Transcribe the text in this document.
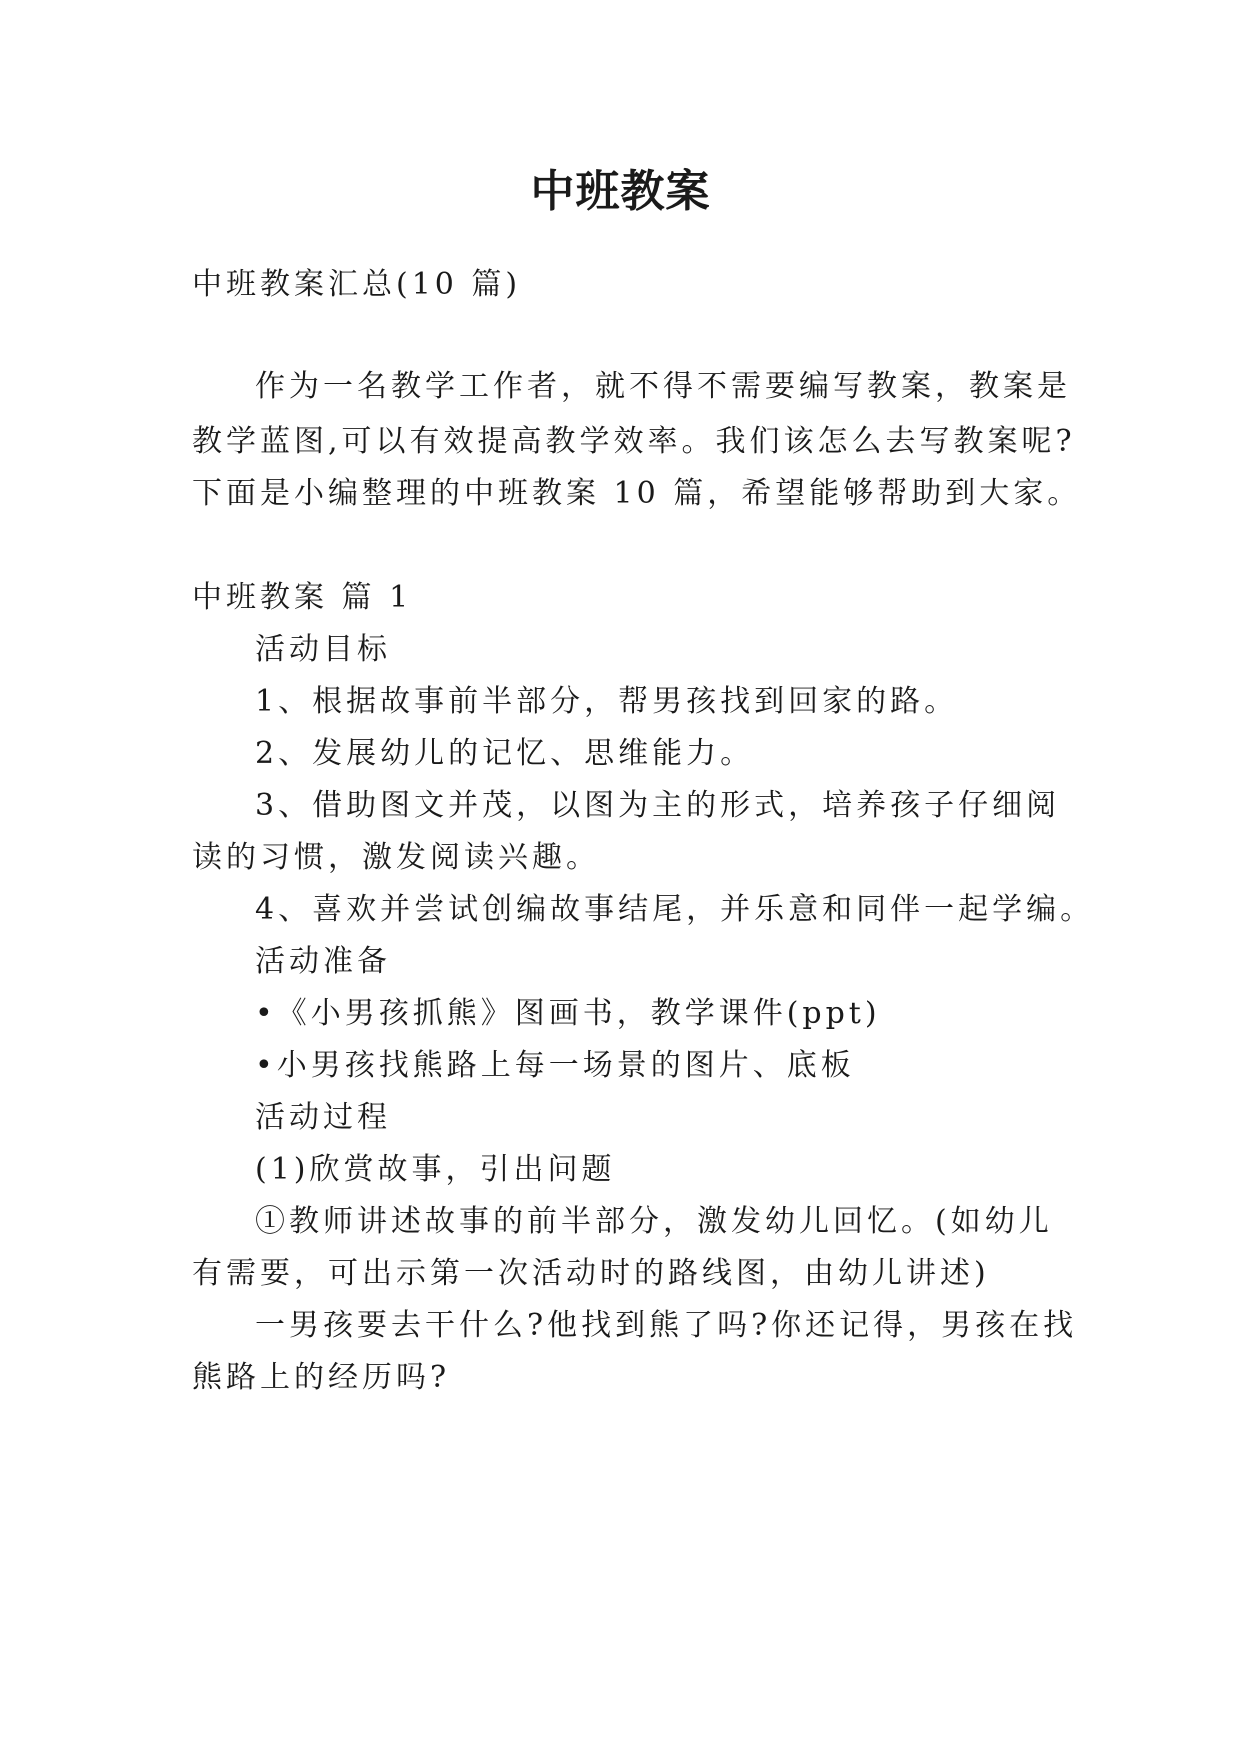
中班教案
中班教案汇总(10 篇)
作为一名教学工作者，就不得不需要编写教案，教案是
教学蓝图,可以有效提高教学效率。我们该怎么去写教案呢?
下面是小编整理的中班教案 10 篇，希望能够帮助到大家。
中班教案 篇 1
活动目标
1、根据故事前半部分，帮男孩找到回家的路。
2、发展幼儿的记忆、思维能力。
3、借助图文并茂，以图为主的形式，培养孩子仔细阅
读的习惯，激发阅读兴趣。
4、喜欢并尝试创编故事结尾，并乐意和同伴一起学编。
活动准备
•《小男孩抓熊》图画书，教学课件(ppt)
•小男孩找熊路上每一场景的图片、底板
活动过程
(1)欣赏故事，引出问题
①教师讲述故事的前半部分，激发幼儿回忆。(如幼儿
有需要，可出示第一次活动时的路线图，由幼儿讲述)
一男孩要去干什么?他找到熊了吗?你还记得，男孩在找
熊路上的经历吗?
